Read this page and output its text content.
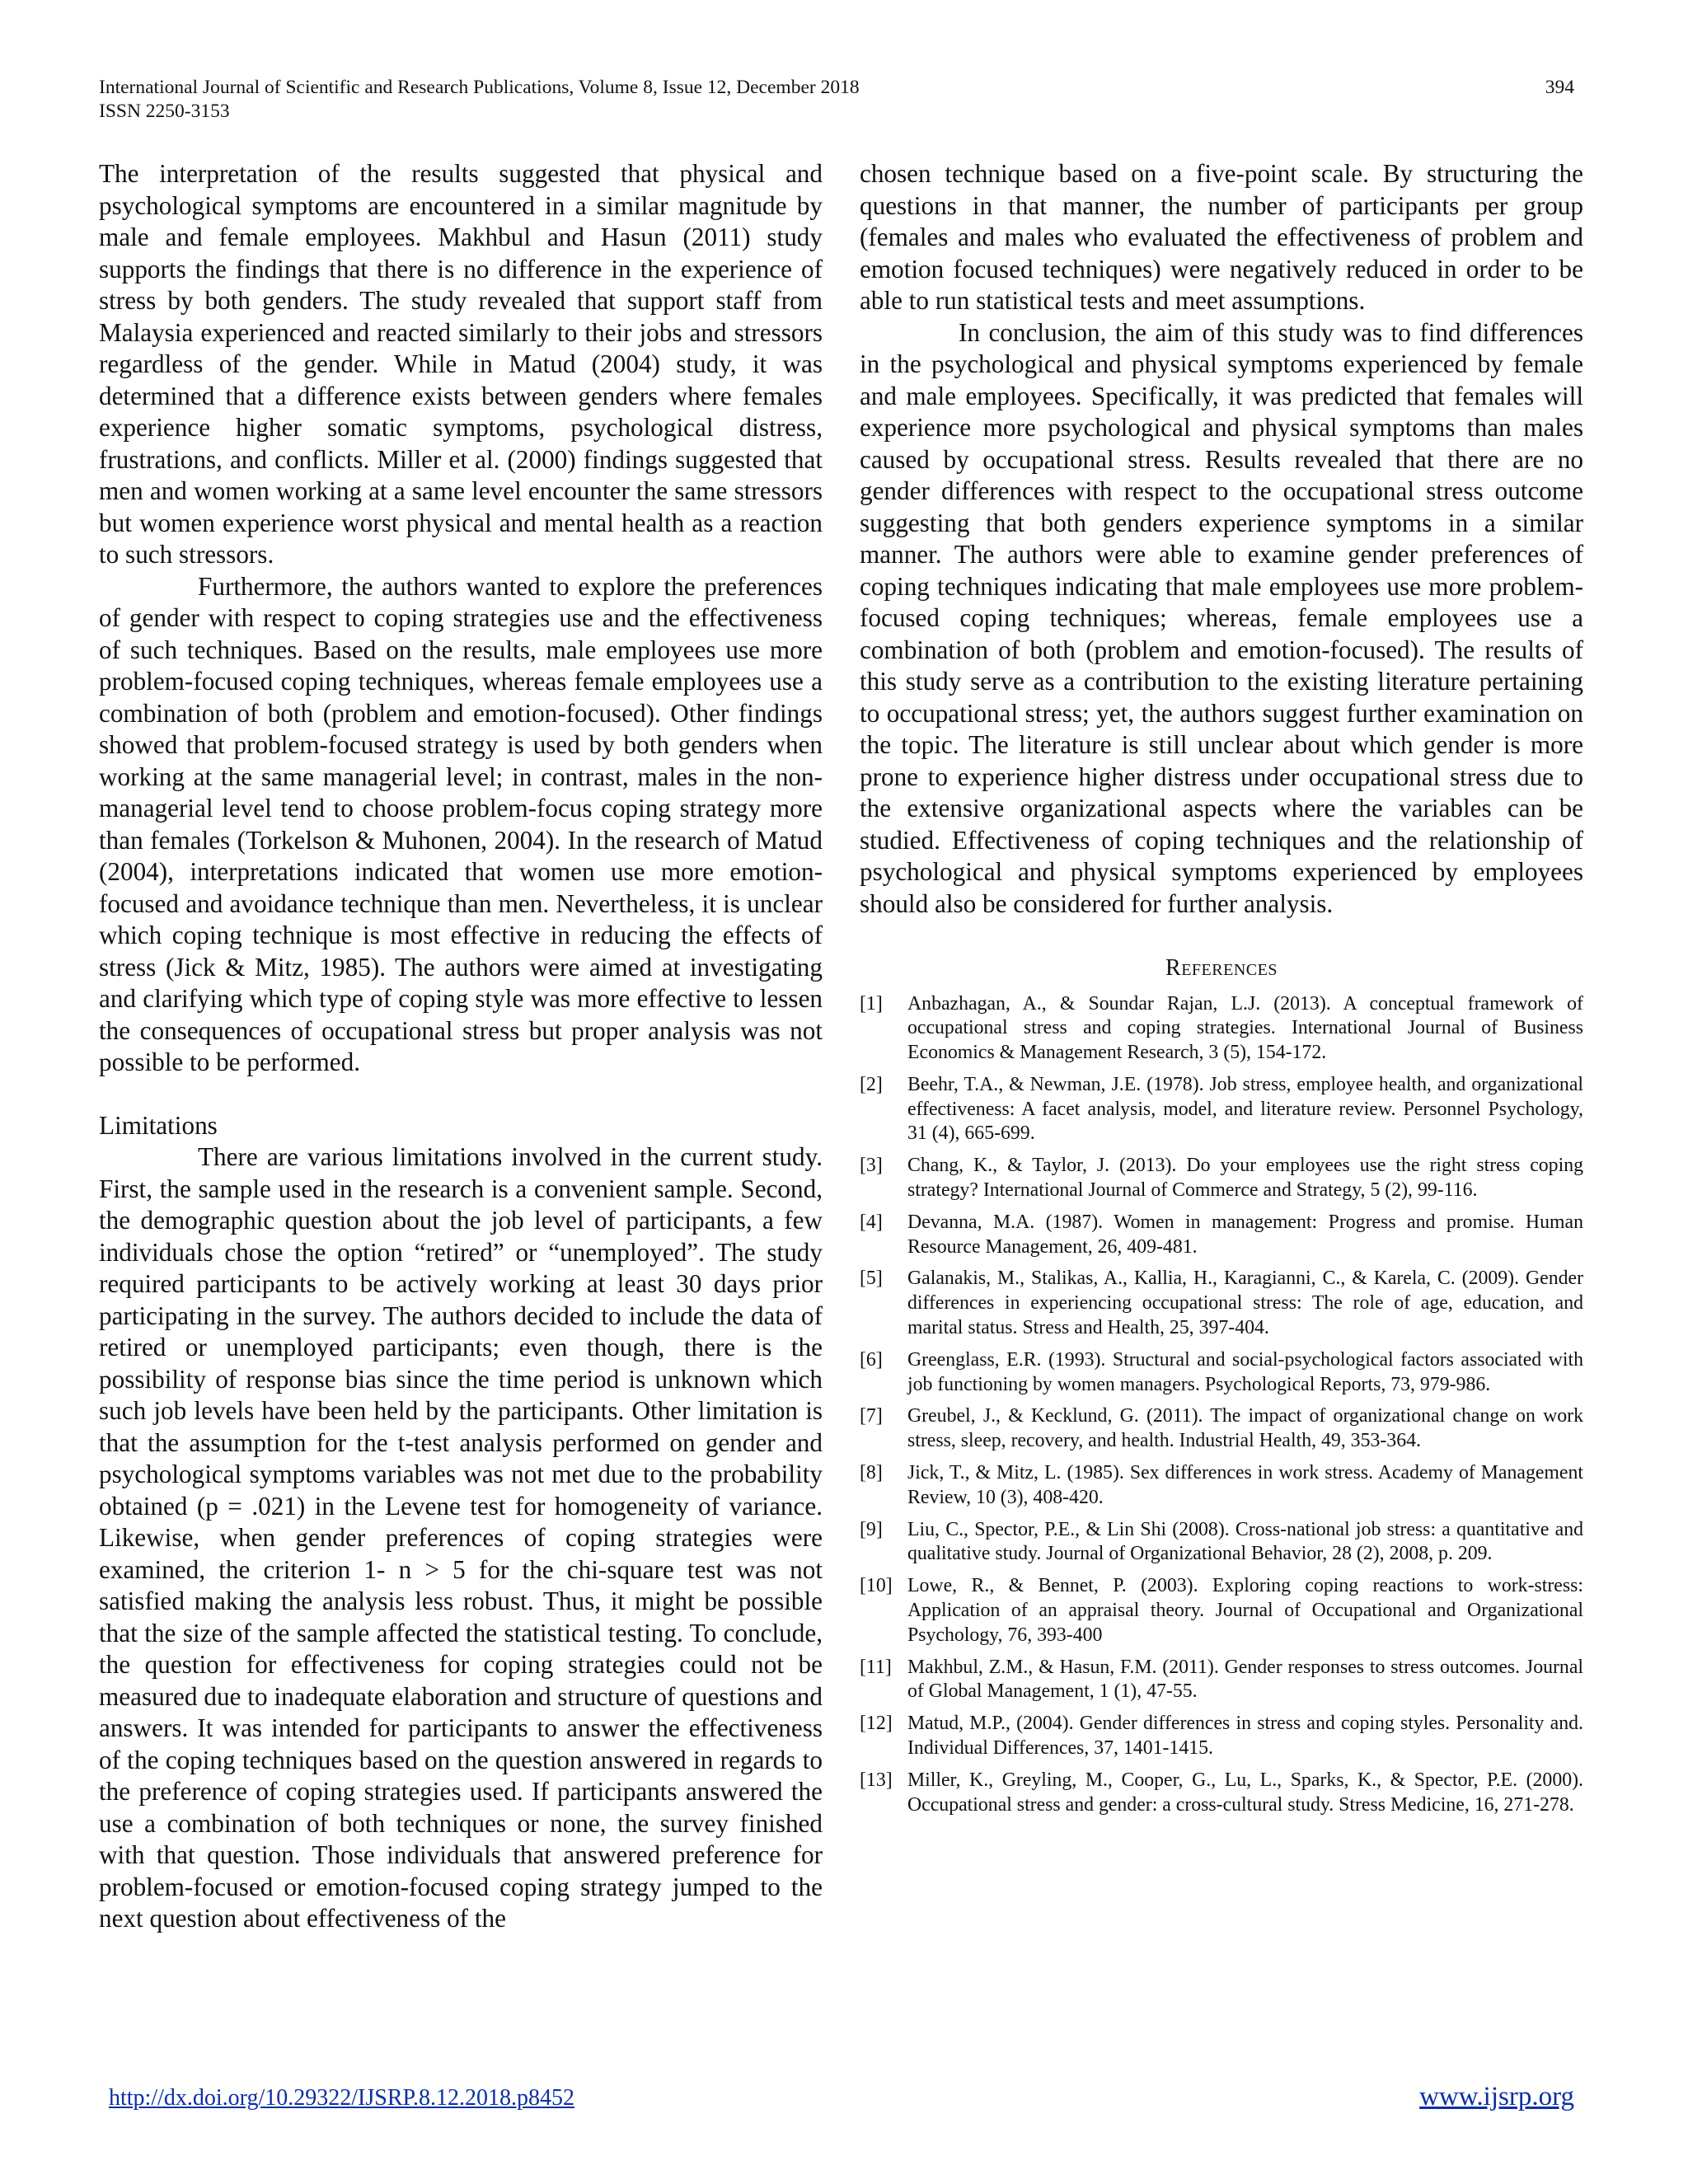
International Journal of Scientific and Research Publications, Volume 8, Issue 12, December 2018
ISSN 2250-3153
394

The interpretation of the results suggested that physical and psychological symptoms are encountered in a similar magnitude by male and female employees. Makhbul and Hasun (2011) study supports the findings that there is no difference in the experience of stress by both genders. The study revealed that support staff from Malaysia experienced and reacted similarly to their jobs and stressors regardless of the gender. While in Matud (2004) study, it was determined that a difference exists between genders where females experience higher somatic symptoms, psychological distress, frustrations, and conflicts. Miller et al. (2000) findings suggested that men and women working at a same level encounter the same stressors but women experience worst physical and mental health as a reaction to such stressors.

Furthermore, the authors wanted to explore the preferences of gender with respect to coping strategies use and the effectiveness of such techniques. Based on the results, male employees use more problem-focused coping techniques, whereas female employees use a combination of both (problem and emotion-focused). Other findings showed that problem-focused strategy is used by both genders when working at the same managerial level; in contrast, males in the non-managerial level tend to choose problem-focus coping strategy more than females (Torkelson & Muhonen, 2004). In the research of Matud (2004), interpretations indicated that women use more emotion-focused and avoidance technique than men. Nevertheless, it is unclear which coping technique is most effective in reducing the effects of stress (Jick & Mitz, 1985). The authors were aimed at investigating and clarifying which type of coping style was more effective to lessen the consequences of occupational stress but proper analysis was not possible to be performed.

Limitations

There are various limitations involved in the current study. First, the sample used in the research is a convenient sample. Second, the demographic question about the job level of participants, a few individuals chose the option “retired” or “unemployed”. The study required participants to be actively working at least 30 days prior participating in the survey. The authors decided to include the data of retired or unemployed participants; even though, there is the possibility of response bias since the time period is unknown which such job levels have been held by the participants. Other limitation is that the assumption for the t-test analysis performed on gender and psychological symptoms variables was not met due to the probability obtained (p = .021) in the Levene test for homogeneity of variance. Likewise, when gender preferences of coping strategies were examined, the criterion 1- n > 5 for the chi-square test was not satisfied making the analysis less robust. Thus, it might be possible that the size of the sample affected the statistical testing. To conclude, the question for effectiveness for coping strategies could not be measured due to inadequate elaboration and structure of questions and answers. It was intended for participants to answer the effectiveness of the coping techniques based on the question answered in regards to the preference of coping strategies used. If participants answered the use a combination of both techniques or none, the survey finished with that question. Those individuals that answered preference for problem-focused or emotion-focused coping strategy jumped to the next question about effectiveness of the

chosen technique based on a five-point scale. By structuring the questions in that manner, the number of participants per group (females and males who evaluated the effectiveness of problem and emotion focused techniques) were negatively reduced in order to be able to run statistical tests and meet assumptions.

In conclusion, the aim of this study was to find differences in the psychological and physical symptoms experienced by female and male employees. Specifically, it was predicted that females will experience more psychological and physical symptoms than males caused by occupational stress. Results revealed that there are no gender differences with respect to the occupational stress outcome suggesting that both genders experience symptoms in a similar manner. The authors were able to examine gender preferences of coping techniques indicating that male employees use more problem-focused coping techniques; whereas, female employees use a combination of both (problem and emotion-focused). The results of this study serve as a contribution to the existing literature pertaining to occupational stress; yet, the authors suggest further examination on the topic. The literature is still unclear about which gender is more prone to experience higher distress under occupational stress due to the extensive organizational aspects where the variables can be studied. Effectiveness of coping techniques and the relationship of psychological and physical symptoms experienced by employees should also be considered for further analysis.

References
[1]	Anbazhagan, A., & Soundar Rajan, L.J. (2013). A conceptual framework of occupational stress and coping strategies. International Journal of Business Economics & Management Research, 3 (5), 154-172.
[2]	Beehr, T.A., & Newman, J.E. (1978). Job stress, employee health, and organizational effectiveness: A facet analysis, model, and literature review. Personnel Psychology, 31 (4), 665-699.
[3]	Chang, K., & Taylor, J. (2013). Do your employees use the right stress coping strategy? International Journal of Commerce and Strategy, 5 (2), 99-116.
[4]	Devanna, M.A. (1987). Women in management: Progress and promise. Human Resource Management, 26, 409-481.
[5]	Galanakis, M., Stalikas, A., Kallia, H., Karagianni, C., & Karela, C. (2009). Gender differences in experiencing occupational stress: The role of age, education, and marital status. Stress and Health, 25, 397-404.
[6]	Greenglass, E.R. (1993). Structural and social-psychological factors associated with job functioning by women managers. Psychological Reports, 73, 979-986.
[7]	Greubel, J., & Kecklund, G. (2011). The impact of organizational change on work stress, sleep, recovery, and health. Industrial Health, 49, 353-364.
[8]	Jick, T., & Mitz, L. (1985). Sex differences in work stress. Academy of Management Review, 10 (3), 408-420.
[9]	Liu, C., Spector, P.E., & Lin Shi (2008). Cross-national job stress: a quantitative and qualitative study. Journal of Organizational Behavior, 28 (2), 2008, p. 209.
[10] Lowe, R., & Bennet, P. (2003). Exploring coping reactions to work-stress: Application of an appraisal theory. Journal of Occupational and Organizational Psychology, 76, 393-400
[11] Makhbul, Z.M., & Hasun, F.M. (2011). Gender responses to stress outcomes. Journal of Global Management, 1 (1), 47-55.
[12] Matud, M.P., (2004). Gender differences in stress and coping styles. Personality and. Individual Differences, 37, 1401-1415.
[13] Miller, K., Greyling, M., Cooper, G., Lu, L., Sparks, K., & Spector, P.E. (2000). Occupational stress and gender: a cross-cultural study. Stress Medicine, 16, 271-278.
http://dx.doi.org/10.29322/IJSRP.8.12.2018.p8452	www.ijsrp.org
